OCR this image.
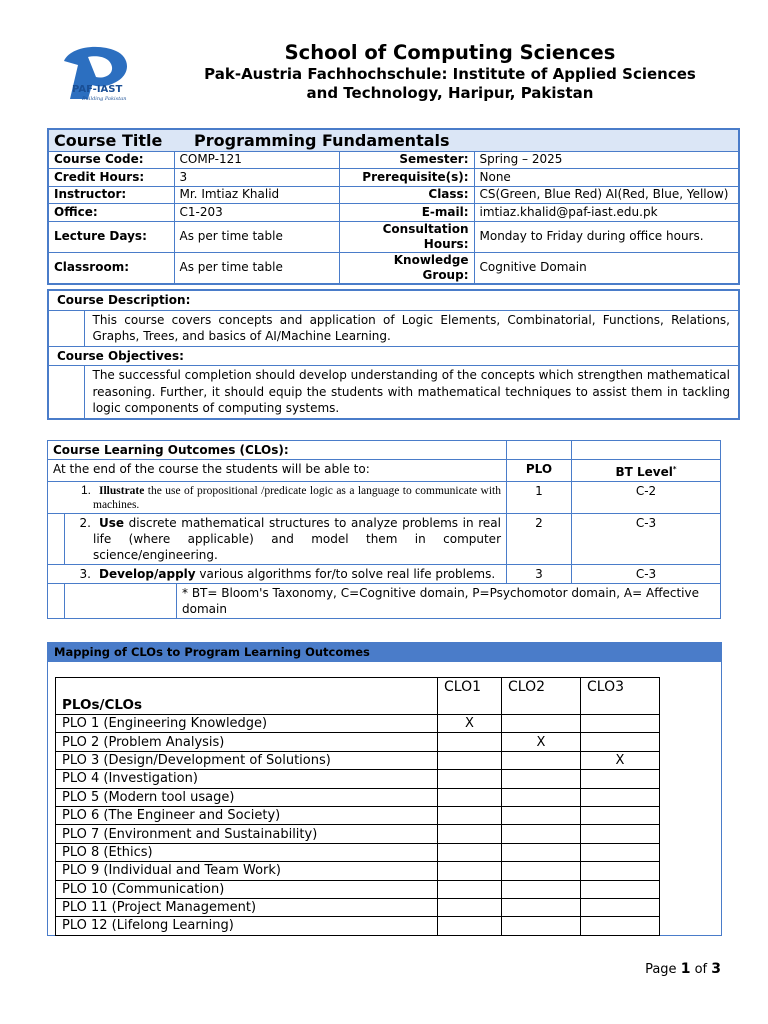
PAF-IAST
Building Pakistan
School of Computing Sciences
Pak-Austria Fachhochschule: Institute of Applied Sciences
and Technology, Haripur, Pakistan
Course Title	Programming Fundamentals		
Course Code:	COMP-121	Semester:	Spring – 2025
Credit Hours:	3	Prerequisite(s):	None
Instructor:	Mr. Imtiaz Khalid	Class:	CS(Green, Blue Red) AI(Red, Blue, Yellow)
Office:	C1-203	E-mail:	imtiaz.khalid@paf-iast.edu.pk
Lecture Days:	As per time table	Consultation Hours:	Monday to Friday during office hours.
Classroom:	As per time table	Knowledge Group:	Cognitive Domain
Course Description:	
	This course covers concepts and application of Logic Elements, Combinatorial, Functions, Relations, Graphs, Trees, and basics of AI/Machine Learning.
Course Objectives:	
	The successful completion should develop understanding of the concepts which strengthen mathematical reasoning. Further, it should equip the students with mathematical techniques to assist them in tackling logic components of computing systems.
Course Learning Outcomes (CLOs):				
At the end of the course the students will be able to:			PLO	BT Level*
1. Illustrate the use of propositional /predicate logic as a language to communicate with machines.			1	C-2
	2. Use discrete mathematical structures to analyze problems in real life (where applicable) and model them in computer science/engineering.		2	C-3
3. Develop/apply various algorithms for/to solve real life problems.			3	C-3
		* BT= Bloom's Taxonomy, C=Cognitive domain, P=Psychomotor domain, A= Affective domain		
Mapping of CLOs to Program Learning Outcomes
PLOs/CLOs	CLO1	CLO2	CLO3
PLO 1 (Engineering Knowledge)	X		
PLO 2 (Problem Analysis)		X	
PLO 3 (Design/Development of Solutions)			X
PLO 4 (Investigation)			
PLO 5 (Modern tool usage)			
PLO 6 (The Engineer and Society)			
PLO 7 (Environment and Sustainability)			
PLO 8 (Ethics)			
PLO 9 (Individual and Team Work)			
PLO 10 (Communication)			
PLO 11 (Project Management)			
PLO 12 (Lifelong Learning)			
Page 1 of 3
